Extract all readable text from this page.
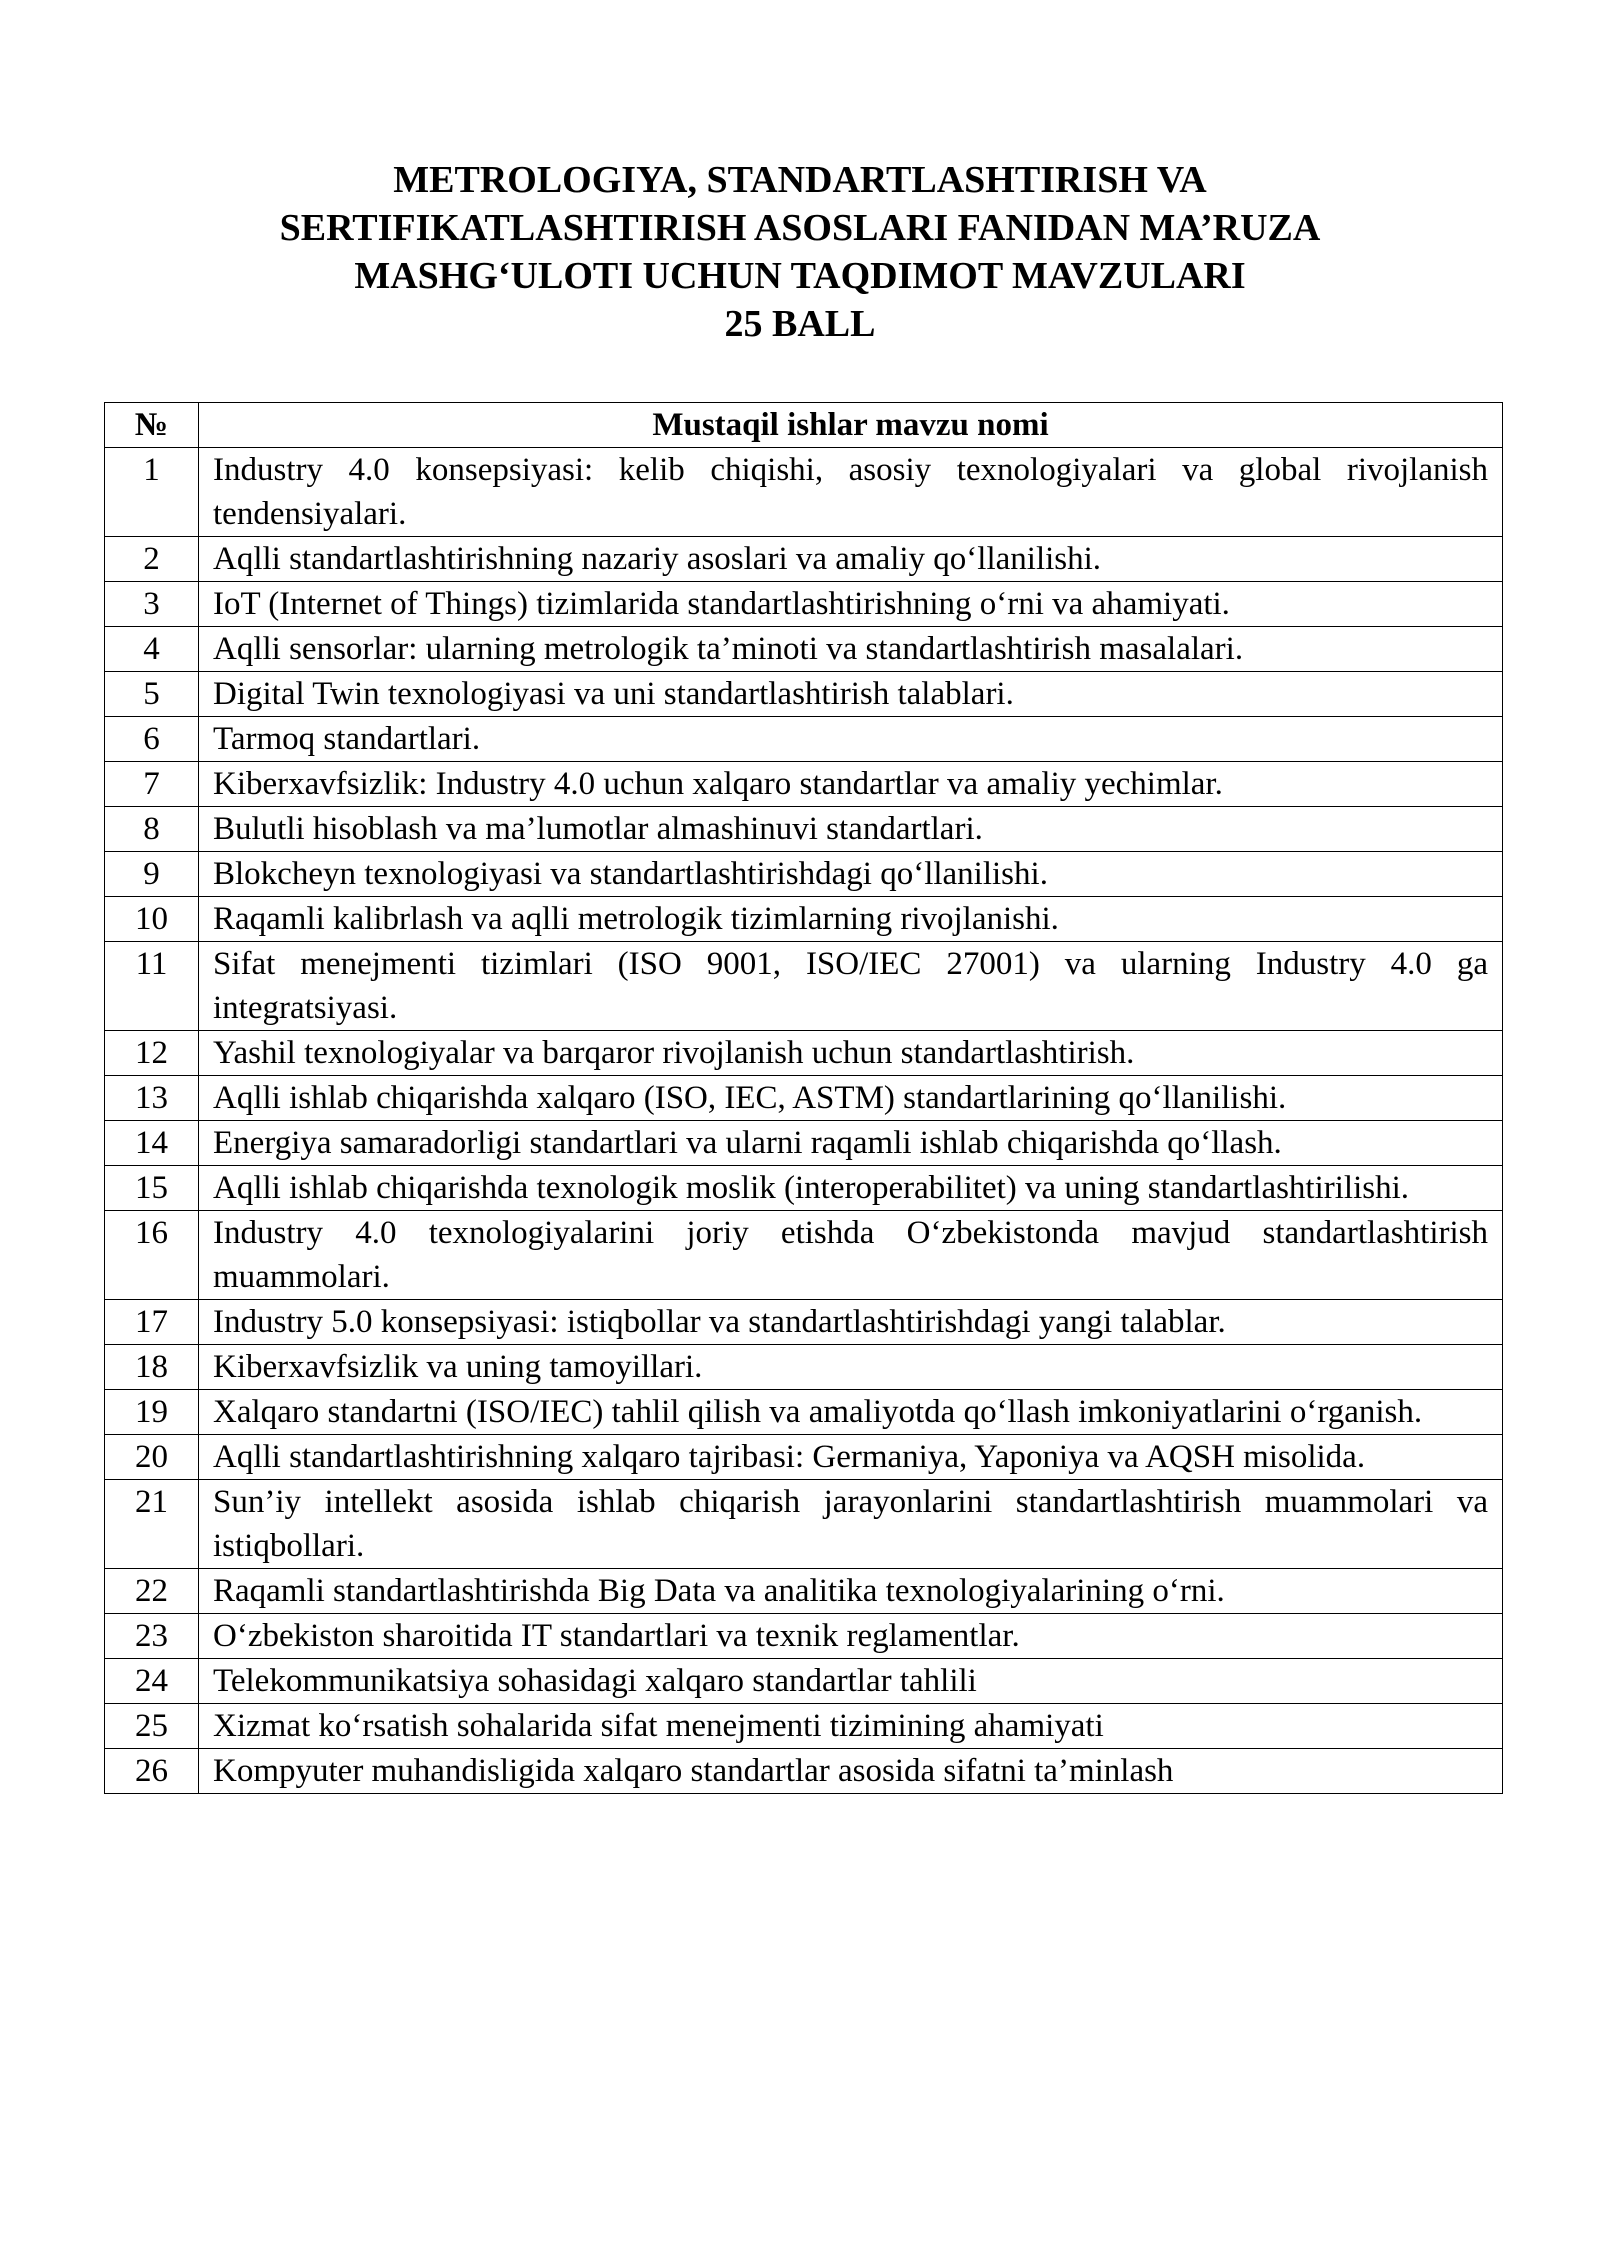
METROLOGIYA, STANDARTLASHTIRISH VA
SERTIFIKATLASHTIRISH ASOSLARI FANIDAN MA’RUZA
MASHG‘ULOTI UCHUN TAQDIMOT MAVZULARI
25 BALL
№	Mustaqil ishlar mavzu nomi
1	Industry 4.0 konsepsiyasi: kelib chiqishi, asosiy texnologiyalari va global rivojlanish tendensiyalari.
2	Aqlli standartlashtirishning nazariy asoslari va amaliy qo‘llanilishi.
3	IoT (Internet of Things) tizimlarida standartlashtirishning o‘rni va ahamiyati.
4	Aqlli sensorlar: ularning metrologik ta’minoti va standartlashtirish masalalari.
5	Digital Twin texnologiyasi va uni standartlashtirish talablari.
6	Tarmoq standartlari.
7	Kiberxavfsizlik: Industry 4.0 uchun xalqaro standartlar va amaliy yechimlar.
8	Bulutli hisoblash va ma’lumotlar almashinuvi standartlari.
9	Blokcheyn texnologiyasi va standartlashtirishdagi qo‘llanilishi.
10	Raqamli kalibrlash va aqlli metrologik tizimlarning rivojlanishi.
11	Sifat menejmenti tizimlari (ISO 9001, ISO/IEC 27001) va ularning Industry 4.0 ga integratsiyasi.
12	Yashil texnologiyalar va barqaror rivojlanish uchun standartlashtirish.
13	Aqlli ishlab chiqarishda xalqaro (ISO, IEC, ASTM) standartlarining qo‘llanilishi.
14	Energiya samaradorligi standartlari va ularni raqamli ishlab chiqarishda qo‘llash.
15	Aqlli ishlab chiqarishda texnologik moslik (interoperabilitet) va uning standartlashtirilishi.
16	Industry 4.0 texnologiyalarini joriy etishda O‘zbekistonda mavjud standartlashtirish muammolari.
17	Industry 5.0 konsepsiyasi: istiqbollar va standartlashtirishdagi yangi talablar.
18	Kiberxavfsizlik va uning tamoyillari.
19	Xalqaro standartni (ISO/IEC) tahlil qilish va amaliyotda qo‘llash imkoniyatlarini o‘rganish.
20	Aqlli standartlashtirishning xalqaro tajribasi: Germaniya, Yaponiya va AQSH misolida.
21	Sun’iy intellekt asosida ishlab chiqarish jarayonlarini standartlashtirish muammolari va istiqbollari.
22	Raqamli standartlashtirishda Big Data va analitika texnologiyalarining o‘rni.
23	O‘zbekiston sharoitida IT standartlari va texnik reglamentlar.
24	Telekommunikatsiya sohasidagi xalqaro standartlar tahlili
25	Xizmat ko‘rsatish sohalarida sifat menejmenti tizimining ahamiyati
26	Kompyuter muhandisligida xalqaro standartlar asosida sifatni ta’minlash
